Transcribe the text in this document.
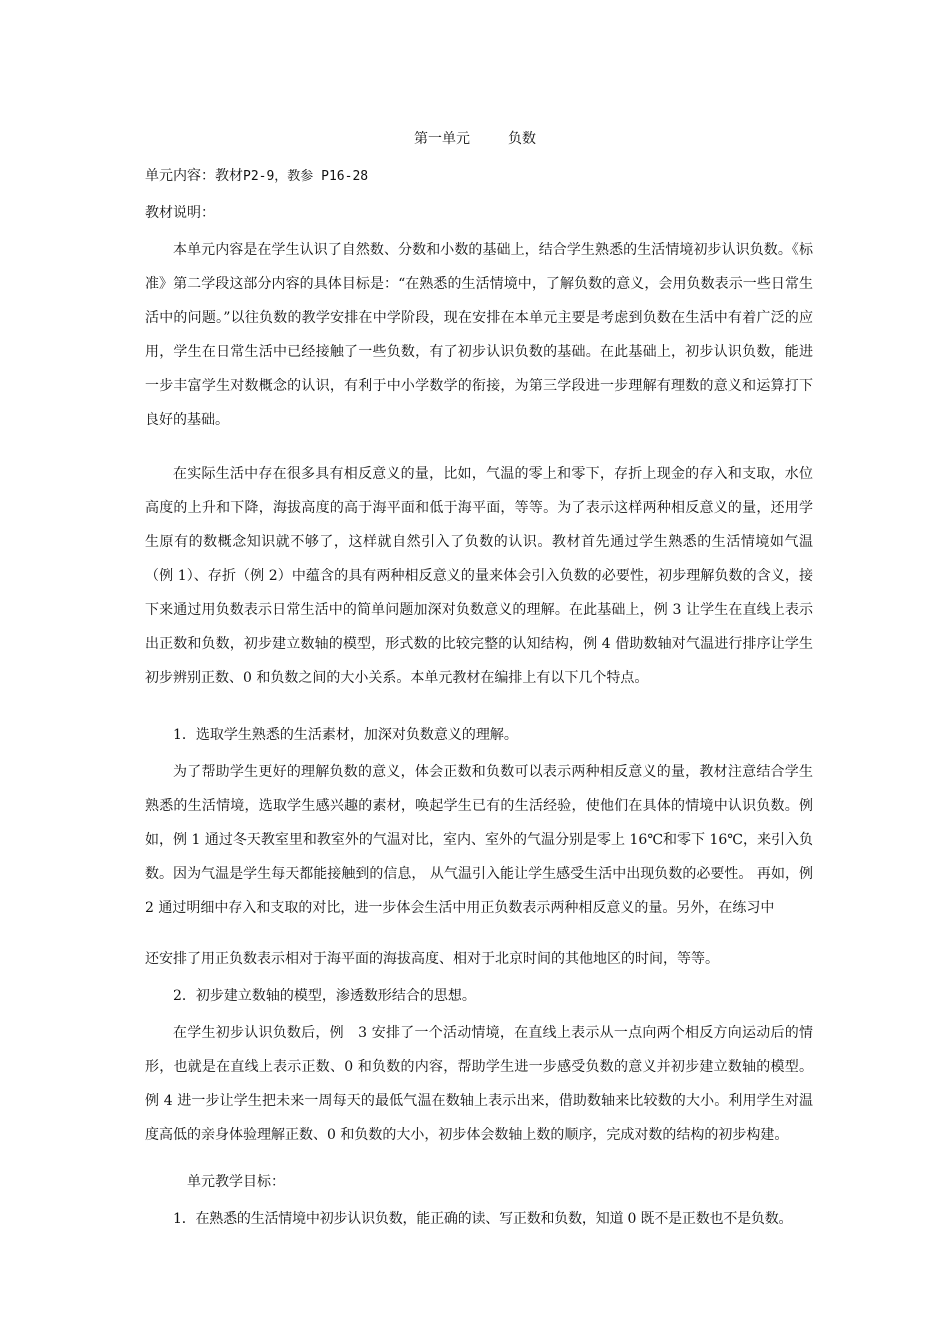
第一单元	负数
单元内容：教材P2-9，教参 P16-28
教材说明：
本单元内容是在学生认识了自然数、分数和小数的基础上，结合学生熟悉的生活情境初步认识负数。《标准》第二学段这部分内容的具体目标是：“在熟悉的生活情境中，了解负数的意义，会用负数表示一些日常生活中的问题。”以往负数的教学安排在中学阶段，现在安排在本单元主要是考虑到负数在生活中有着广泛的应用，学生在日常生活中已经接触了一些负数，有了初步认识负数的基础。在此基础上，初步认识负数，能进一步丰富学生对数概念的认识，有利于中小学数学的衔接，为第三学段进一步理解有理数的意义和运算打下良好的基础。
在实际生活中存在很多具有相反意义的量，比如，气温的零上和零下，存折上现金的存入和支取，水位高度的上升和下降，海拔高度的高于海平面和低于海平面，等等。为了表示这样两种相反意义的量，还用学生原有的数概念知识就不够了，这样就自然引入了负数的认识。教材首先通过学生熟悉的生活情境如气温（例 1）、存折（例 2）中蕴含的具有两种相反意义的量来体会引入负数的必要性，初步理解负数的含义，接下来通过用负数表示日常生活中的简单问题加深对负数意义的理解。在此基础上，例 3 让学生在直线上表示出正数和负数，初步建立数轴的模型，形式数的比较完整的认知结构，例 4 借助数轴对气温进行排序让学生初步辨别正数、0 和负数之间的大小关系。本单元教材在编排上有以下几个特点。
1．选取学生熟悉的生活素材，加深对负数意义的理解。
为了帮助学生更好的理解负数的意义，体会正数和负数可以表示两种相反意义的量，教材注意结合学生熟悉的生活情境，选取学生感兴趣的素材，唤起学生已有的生活经验，使他们在具体的情境中认识负数。例如，例 1 通过冬天教室里和教室外的气温对比，室内、室外的气温分别是零上 16℃和零下 16℃，来引入负数。因为气温是学生每天都能接触到的信息， 从气温引入能让学生感受生活中出现负数的必要性。 再如，例 2 通过明细中存入和支取的对比，进一步体会生活中用正负数表示两种相反意义的量。另外，在练习中
还安排了用正负数表示相对于海平面的海拔高度、相对于北京时间的其他地区的时间，等等。
2．初步建立数轴的模型，渗透数形结合的思想。
在学生初步认识负数后，例　3 安排了一个活动情境，在直线上表示从一点向两个相反方向运动后的情形，也就是在直线上表示正数、0 和负数的内容，帮助学生进一步感受负数的意义并初步建立数轴的模型。例 4 进一步让学生把未来一周每天的最低气温在数轴上表示出来，借助数轴来比较数的大小。利用学生对温度高低的亲身体验理解正数、0 和负数的大小，初步体会数轴上数的顺序，完成对数的结构的初步构建。
单元教学目标：
1．在熟悉的生活情境中初步认识负数，能正确的读、写正数和负数，知道 0 既不是正数也不是负数。
